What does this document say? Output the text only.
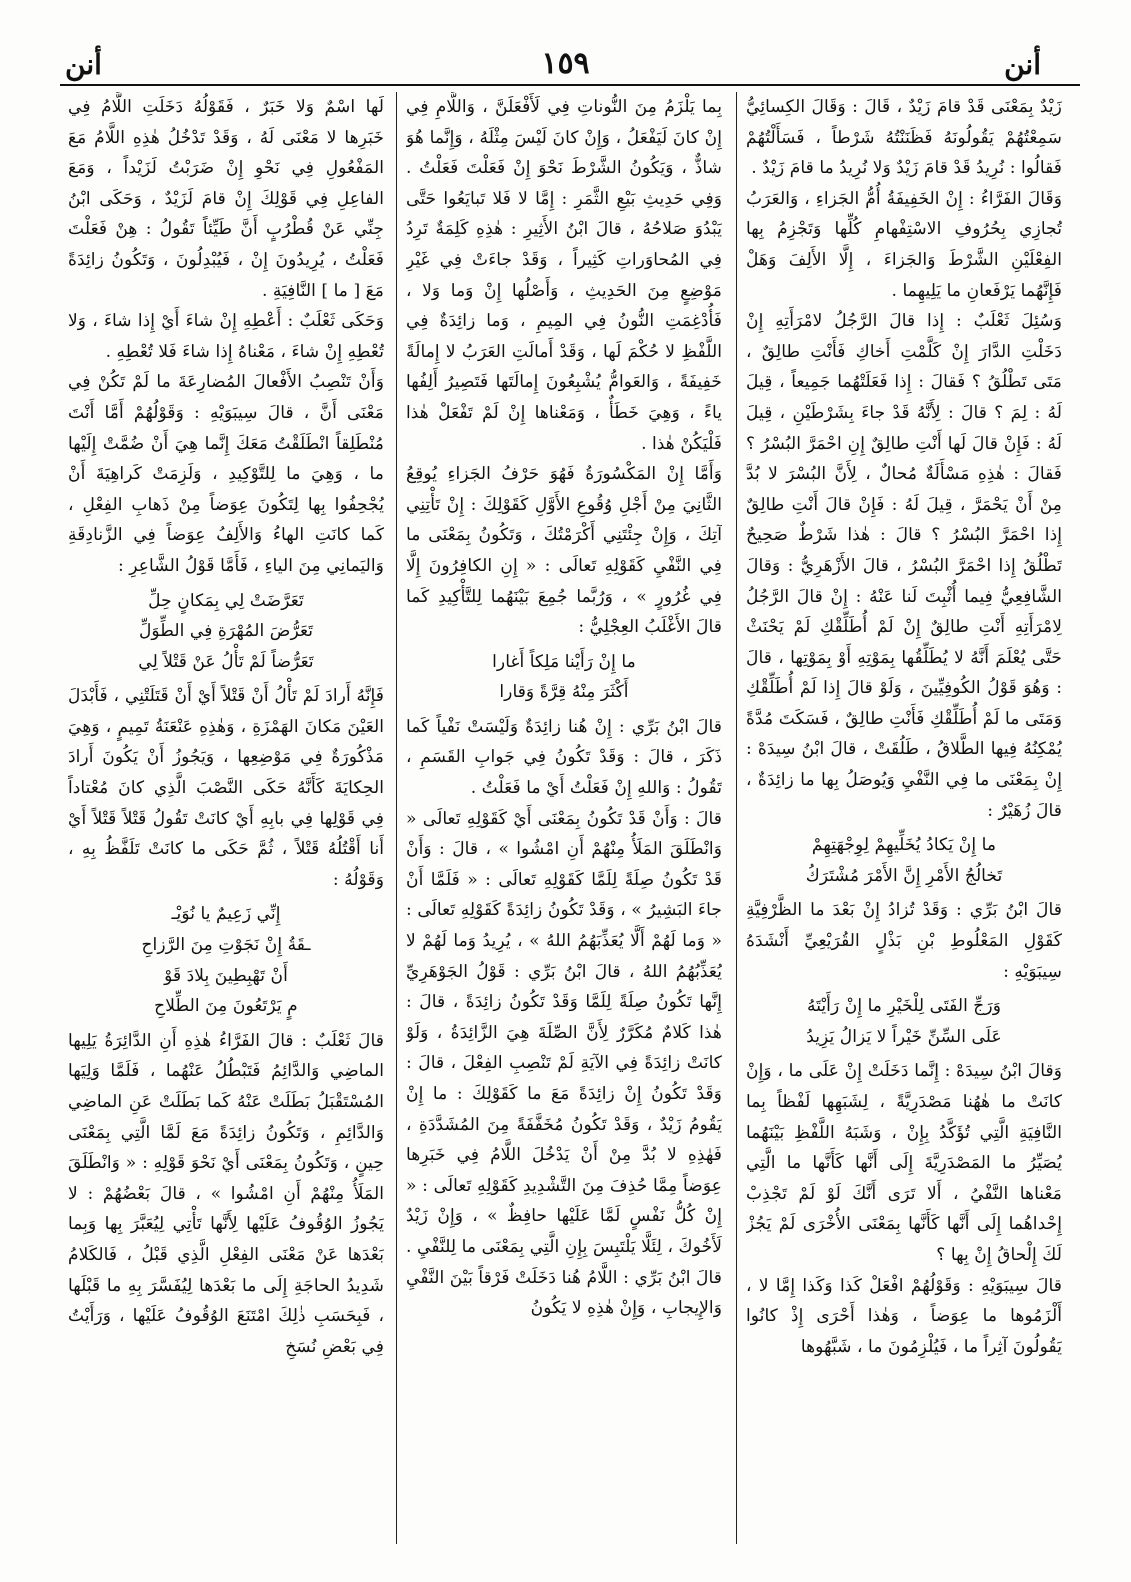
أنن
١٥٩
أنن

زَيْدٌ بِمَعْنَى قَدْ قامَ زَيْدٌ ، قَالَ : وَقَالَ الكِسائِيُّ سَمِعْتُهُمْ يَقُولُونَهُ فَظَنَنْتُهُ شَرْطاً ، فَسَأَلْتُهُمْ فَقالُوا : نُرِيدُ قَدْ قامَ زَيْدٌ وَلا نُرِيدُ ما قامَ زَيْدٌ .

وَقَالَ الفَرَّاءُ : إِنْ الخَفِيفَةُ أُمُّ الجَزاءِ ، وَالعَرَبُ تُجازِي بِحُرُوفِ الاسْتِفْهامِ كُلِّها وَتَجْزِمُ بِها الفِعْلَيْنِ الشَّرْطَ وَالجَزاءَ ، إِلَّا الأَلِفَ وَهَلْ فَإِنَّهُما يَرْفَعانِ ما يَلِيهِما .

وَسُئِلَ ثَعْلَبٌ : إِذا قالَ الرَّجُلُ لامْرَأَتِهِ إِنْ دَخَلْتِ الدَّارَ إِنْ كَلَّمْتِ أَخاكِ فَأَنْتِ طالِقٌ ، مَتَى تَطْلُقُ ؟ فَقالَ : إِذا فَعَلَتْهُما جَمِيعاً ، قِيلَ لَهُ : لِمَ ؟ قالَ : لِأَنَّهُ قَدْ جاءَ بِشَرْطَيْنِ ، قِيلَ لَهُ : فَإِنْ قالَ لَها أَنْتِ طالِقٌ إِنِ احْمَرَّ البُسْرُ ؟ فَقالَ : هٰذِهِ مَسْأَلَةٌ مُحالٌ ، لِأَنَّ البُسْرَ لا بُدَّ مِنْ أَنْ يَحْمَرَّ ، قِيلَ لَهُ : فَإِنْ قالَ أَنْتِ طالِقٌ إِذا احْمَرَّ البُسْرُ ؟ قالَ : هٰذا شَرْطٌ صَحِيحٌ تَطْلُقُ إِذا احْمَرَّ البُسْرُ ، قالَ الأَزْهَرِيُّ : وَقالَ الشَّافِعِيُّ فِيما أُثْبِتَ لَنا عَنْهُ : إِنْ قالَ الرَّجُلُ لِامْرَأَتِهِ أَنْتِ طالِقٌ إِنْ لَمْ أُطَلِّقْكِ لَمْ يَحْنَثْ حَتَّى يُعْلَمَ أَنَّهُ لا يُطَلِّقُها بِمَوْتِهِ أَوْ بِمَوْتِها ، قالَ : وَهُوَ قَوْلُ الكُوفِيِّينَ ، وَلَوْ قالَ إِذا لَمْ أُطَلِّقْكِ وَمَتَى ما لَمْ أُطَلِّقْكِ فَأَنْتِ طالِقٌ ، فَسَكَتَ مُدَّةً يُمْكِنُهُ فِيها الطَّلاقُ ، طَلُقَتْ ، قالَ ابْنُ سِيدَهْ : إِنْ بِمَعْنَى ما فِي النَّفْيِ وَيُوصَلُ بِها ما زائِدَةٌ ، قالَ زُهَيْرٌ :

ما إِنْ يَكادُ يُخَلِّيهِمْ لِوِجْهَتِهِمْ

تَخالُجُ الأَمْرِ إِنَّ الأَمْرَ مُشْتَرَكُ

قالَ ابْنُ بَرِّي : وَقَدْ تُزادُ إِنْ بَعْدَ ما الظَّرْفِيَّةِ كَقَوْلِ المَعْلُوطِ بْنِ بَذْلٍ القُرَيْعِيِّ أَنْشَدَهُ سِيبَوَيْهِ :

وَرَجِّ الفَتَى لِلْخَيْرِ ما إِنْ رَأَيْتَهُ

عَلَى السِّنِّ خَيْراً لا يَزالُ يَزِيدُ

وَقالَ ابْنُ سِيدَهْ : إِنَّما دَخَلَتْ إِنْ عَلَى ما ، وَإِنْ كانَتْ ما هٰهُنا مَصْدَرِيَّةً ، لِشَبَهِها لَفْظاً بِما النَّافِيَةِ الَّتِي تُؤَكَّدُ بِإِنْ ، وَشَبَهُ اللَّفْظِ بَيْنَهُما يُصَيِّرُ ما المَصْدَرِيَّةَ إِلَى أَنَّها كَأَنَّها ما الَّتِي مَعْناها النَّفْيُ ، أَلا تَرَى أَنَّكَ لَوْ لَمْ تَجْذِبْ إِحْداهُما إِلَى أَنَّها كَأَنَّها بِمَعْنَى الأُخْرَى لَمْ يَجُزْ لَكَ إِلْحاقُ إِنْ بِها ؟

قالَ سِيبَوَيْهِ : وَقَوْلُهُمْ افْعَلْ كَذا وَكَذا إِمَّا لا ، أَلْزَمُوها ما عِوَضاً ، وَهٰذا أَحْرَى إِذْ كانُوا يَقُولُونَ آثِراً ما ، فَيُلْزِمُونَ ما ، شَبَّهُوها

بِما يَلْزَمُ مِنَ النُّوناتِ فِي لَأَفْعَلَنَّ ، وَاللَّامِ فِي إِنْ كانَ لَيَفْعَلُ ، وَإِنْ كانَ لَيْسَ مِثْلَهُ ، وَإِنَّما هُوَ شاذٌّ ، وَيَكُونُ الشَّرْطَ نَحْوَ إِنْ فَعَلْتَ فَعَلْتُ . وَفِي حَدِيثِ بَيْعِ الثَّمَرِ : إِمَّا لا فَلا تَبايَعُوا حَتَّى يَبْدُوَ صَلاحُهُ ، قالَ ابْنُ الأَثِيرِ : هٰذِهِ كَلِمَةٌ تَرِدُ فِي المُحاوَراتِ كَثِيراً ، وَقَدْ جاءَتْ فِي غَيْرِ مَوْضِعٍ مِنَ الحَدِيثِ ، وَأَصْلُها إِنْ وَما وَلا ، فَأُدْغِمَتِ النُّونُ فِي المِيمِ ، وَما زائِدَةٌ فِي اللَّفْظِ لا حُكْمَ لَها ، وَقَدْ أَمالَتِ العَرَبُ لا إِمالَةً خَفِيفَةً ، وَالعَوامُّ يُشْبِعُونَ إِمالَتَها فَتَصِيرُ أَلِفُها ياءً ، وَهِيَ خَطَأٌ ، وَمَعْناها إِنْ لَمْ تَفْعَلْ هٰذا فَلْيَكُنْ هٰذا .

وَأَمَّا إِنْ المَكْسُورَةُ فَهُوَ حَرْفُ الجَزاءِ يُوقِعُ الثَّانِيَ مِنْ أَجْلِ وُقُوعِ الأَوَّلِ كَقَوْلِكَ : إِنْ تَأْتِنِي آتِكَ ، وَإِنْ جِئْتَنِي أَكْرَمْتُكَ ، وَتَكُونُ بِمَعْنَى ما فِي النَّفْيِ كَقَوْلِهِ تَعالَى : « إِنِ الكافِرُونَ إِلَّا فِي غُرُورٍ » ، وَرُبَّما جُمِعَ بَيْنَهُما لِلتَّأْكِيدِ كَما قالَ الأَغْلَبُ العِجْلِيُّ :

ما إِنْ رَأَيْنا مَلِكاً أَغارا

أَكْثَرَ مِنْهُ قِرَّةً وَقارا

قالَ ابْنُ بَرِّي : إِنْ هُنا زائِدَةٌ وَلَيْسَتْ نَفْياً كَما ذَكَرَ ، قالَ : وَقَدْ تَكُونُ فِي جَوابِ القَسَمِ ، تَقُولُ : وَاللهِ إِنْ فَعَلْتُ أَيْ ما فَعَلْتُ .

قالَ : وَأَنْ قَدْ تَكُونُ بِمَعْنَى أَيْ كَقَوْلِهِ تَعالَى « وَانْطَلَقَ المَلَأُ مِنْهُمْ أَنِ امْشُوا » ، قالَ : وَأَنْ قَدْ تَكُونُ صِلَةً لِلَمَّا كَقَوْلِهِ تَعالَى : « فَلَمَّا أَنْ جاءَ البَشِيرُ » ، وَقَدْ تَكُونُ زائِدَةً كَقَوْلِهِ تَعالَى : « وَما لَهُمْ أَلَّا يُعَذِّبَهُمُ اللهُ » ، يُرِيدُ وَما لَهُمْ لا يُعَذِّبُهُمُ اللهُ ، قالَ ابْنُ بَرِّي : قَوْلُ الجَوْهَرِيِّ إِنَّها تَكُونُ صِلَةً لِلَمَّا وَقَدْ تَكُونُ زائِدَةً ، قالَ : هٰذا كَلامٌ مُكَرَّرٌ لِأَنَّ الصِّلَةَ هِيَ الزَّائِدَةُ ، وَلَوْ كانَتْ زائِدَةً فِي الآيَةِ لَمْ تَنْصِبِ الفِعْلَ ، قالَ : وَقَدْ تَكُونُ إِنْ زائِدَةً مَعَ ما كَقَوْلِكَ : ما إِنْ يَقُومُ زَيْدٌ ، وَقَدْ تَكُونُ مُخَفَّفَةً مِنَ المُشَدَّدَةِ ، فَهٰذِهِ لا بُدَّ مِنْ أَنْ يَدْخُلَ اللَّامُ فِي خَبَرِها عِوَضاً مِمَّا حُذِفَ مِنَ التَّشْدِيدِ كَقَوْلِهِ تَعالَى : « إِنْ كُلُّ نَفْسٍ لَمَّا عَلَيْها حافِظٌ » ، وَإِنْ زَيْدٌ لَأَخُوكَ ، لِئَلَّا يَلْتَبِسَ بِإِنِ الَّتِي بِمَعْنَى ما لِلنَّفْيِ . قالَ ابْنُ بَرِّي : اللَّامُ هُنا دَخَلَتْ فَرْقاً بَيْنَ النَّفْيِ وَالإِيجابِ ، وَإِنْ هٰذِهِ لا يَكُونُ

لَها اسْمٌ وَلا خَبَرٌ ، فَقَوْلُهُ دَخَلَتِ اللَّامُ فِي خَبَرِها لا مَعْنَى لَهُ ، وَقَدْ تَدْخُلُ هٰذِهِ اللَّامُ مَعَ المَفْعُولِ فِي نَحْوِ إِنْ ضَرَبْتُ لَزَيْداً ، وَمَعَ الفاعِلِ فِي قَوْلِكَ إِنْ قامَ لَزَيْدٌ ، وَحَكَى ابْنُ جِنِّي عَنْ قُطْرُبٍ أَنَّ طَيِّئاً تَقُولُ : هِنْ فَعَلْتَ فَعَلْتُ ، يُرِيدُونَ إِنْ ، فَيُبْدِلُونَ ، وَتَكُونُ زائِدَةً مَعَ [ ما ] النَّافِيَةِ .

وَحَكَى ثَعْلَبٌ : أَعْطِهِ إِنْ شاءَ أَيْ إِذا شاءَ ، وَلا تُعْطِهِ إِنْ شاءَ ، مَعْناهُ إِذا شاءَ فَلا تُعْطِهِ .

وَأَنْ تَنْصِبُ الأَفْعالَ المُضارِعَةَ ما لَمْ تَكُنْ فِي مَعْنَى أَنَّ ، قالَ سِيبَوَيْهِ : وَقَوْلُهُمْ أَمَّا أَنْتَ مُنْطَلِقاً انْطَلَقْتُ مَعَكَ إِنَّما هِيَ أَنْ ضُمَّتْ إِلَيْها ما ، وَهِيَ ما لِلتَّوْكِيدِ ، وَلَزِمَتْ كَراهِيَةَ أَنْ يُجْحِفُوا بِها لِتَكُونَ عِوَضاً مِنْ ذَهابِ الفِعْلِ ، كَما كانَتِ الهاءُ وَالأَلِفُ عِوَضاً فِي الزَّنادِقَةِ وَاليَمانِي مِنَ الياءِ ، فَأَمَّا قَوْلُ الشَّاعِرِ :

تَعَرَّضَتْ لِي بِمَكانٍ حِلِّ

تَعَرُّضَ المُهْرَةِ فِي الطِّوَلِّ

تَعَرُّضاً لَمْ تَأْلُ عَنْ قَتْلاً لِي

فَإِنَّهُ أَرادَ لَمْ تَأْلُ أَنْ قَتْلاً أَيْ أَنْ قَتَلَتْنِي ، فَأَبْدَلَ العَيْنَ مَكانَ الهَمْزَةِ ، وَهٰذِهِ عَنْعَنَةُ تَمِيمٍ ، وَهِيَ مَذْكُورَةٌ فِي مَوْضِعِها ، وَيَجُوزُ أَنْ يَكُونَ أَرادَ الحِكايَةَ كَأَنَّهُ حَكَى النَّصْبَ الَّذِي كانَ مُعْتاداً فِي قَوْلِها فِي بابِهِ أَيْ كانَتْ تَقُولُ قَتْلاً قَتْلاً أَيْ أَنا أَقْتُلُهُ قَتْلاً ، ثُمَّ حَكَى ما كانَتْ تَلَفَّظُ بِهِ ، وَقَوْلُهُ :

إِنِّي زَعِيمٌ يا نُوَيْـ

ـقَةُ إِنْ نَجَوْتِ مِنَ الرَّزاحِ

أَنْ تَهْبِطِينَ بِلادَ قَوْ

مٍ يَرْتَعُونَ مِنَ الطِّلاحِ

قالَ ثَعْلَبٌ : قالَ الفَرَّاءُ هٰذِهِ أَنِ الدَّائِرَةُ يَلِيها الماضِي وَالدَّائِمُ فَتَبْطُلُ عَنْهُما ، فَلَمَّا وَلِيَها المُسْتَقْبَلُ بَطَلَتْ عَنْهُ كَما بَطَلَتْ عَنِ الماضِي وَالدَّائِمِ ، وَتَكُونُ زائِدَةً مَعَ لَمَّا الَّتِي بِمَعْنَى حِينٍ ، وَتَكُونُ بِمَعْنَى أَيْ نَحْوَ قَوْلِهِ : « وَانْطَلَقَ المَلَأُ مِنْهُمْ أَنِ امْشُوا » ، قالَ بَعْضُهُمْ : لا يَجُوزُ الوُقُوفُ عَلَيْها لِأَنَّها تَأْتِي لِيُعَبَّرَ بِها وَبِما بَعْدَها عَنْ مَعْنَى الفِعْلِ الَّذِي قَبْلُ ، فَالكَلامُ شَدِيدُ الحاجَةِ إِلَى ما بَعْدَها لِيُفَسَّرَ بِهِ ما قَبْلَها ، فَبِحَسَبِ ذٰلِكَ امْتَنَعَ الوُقُوفُ عَلَيْها ، وَرَأَيْتُ فِي بَعْضِ نُسَخِ
